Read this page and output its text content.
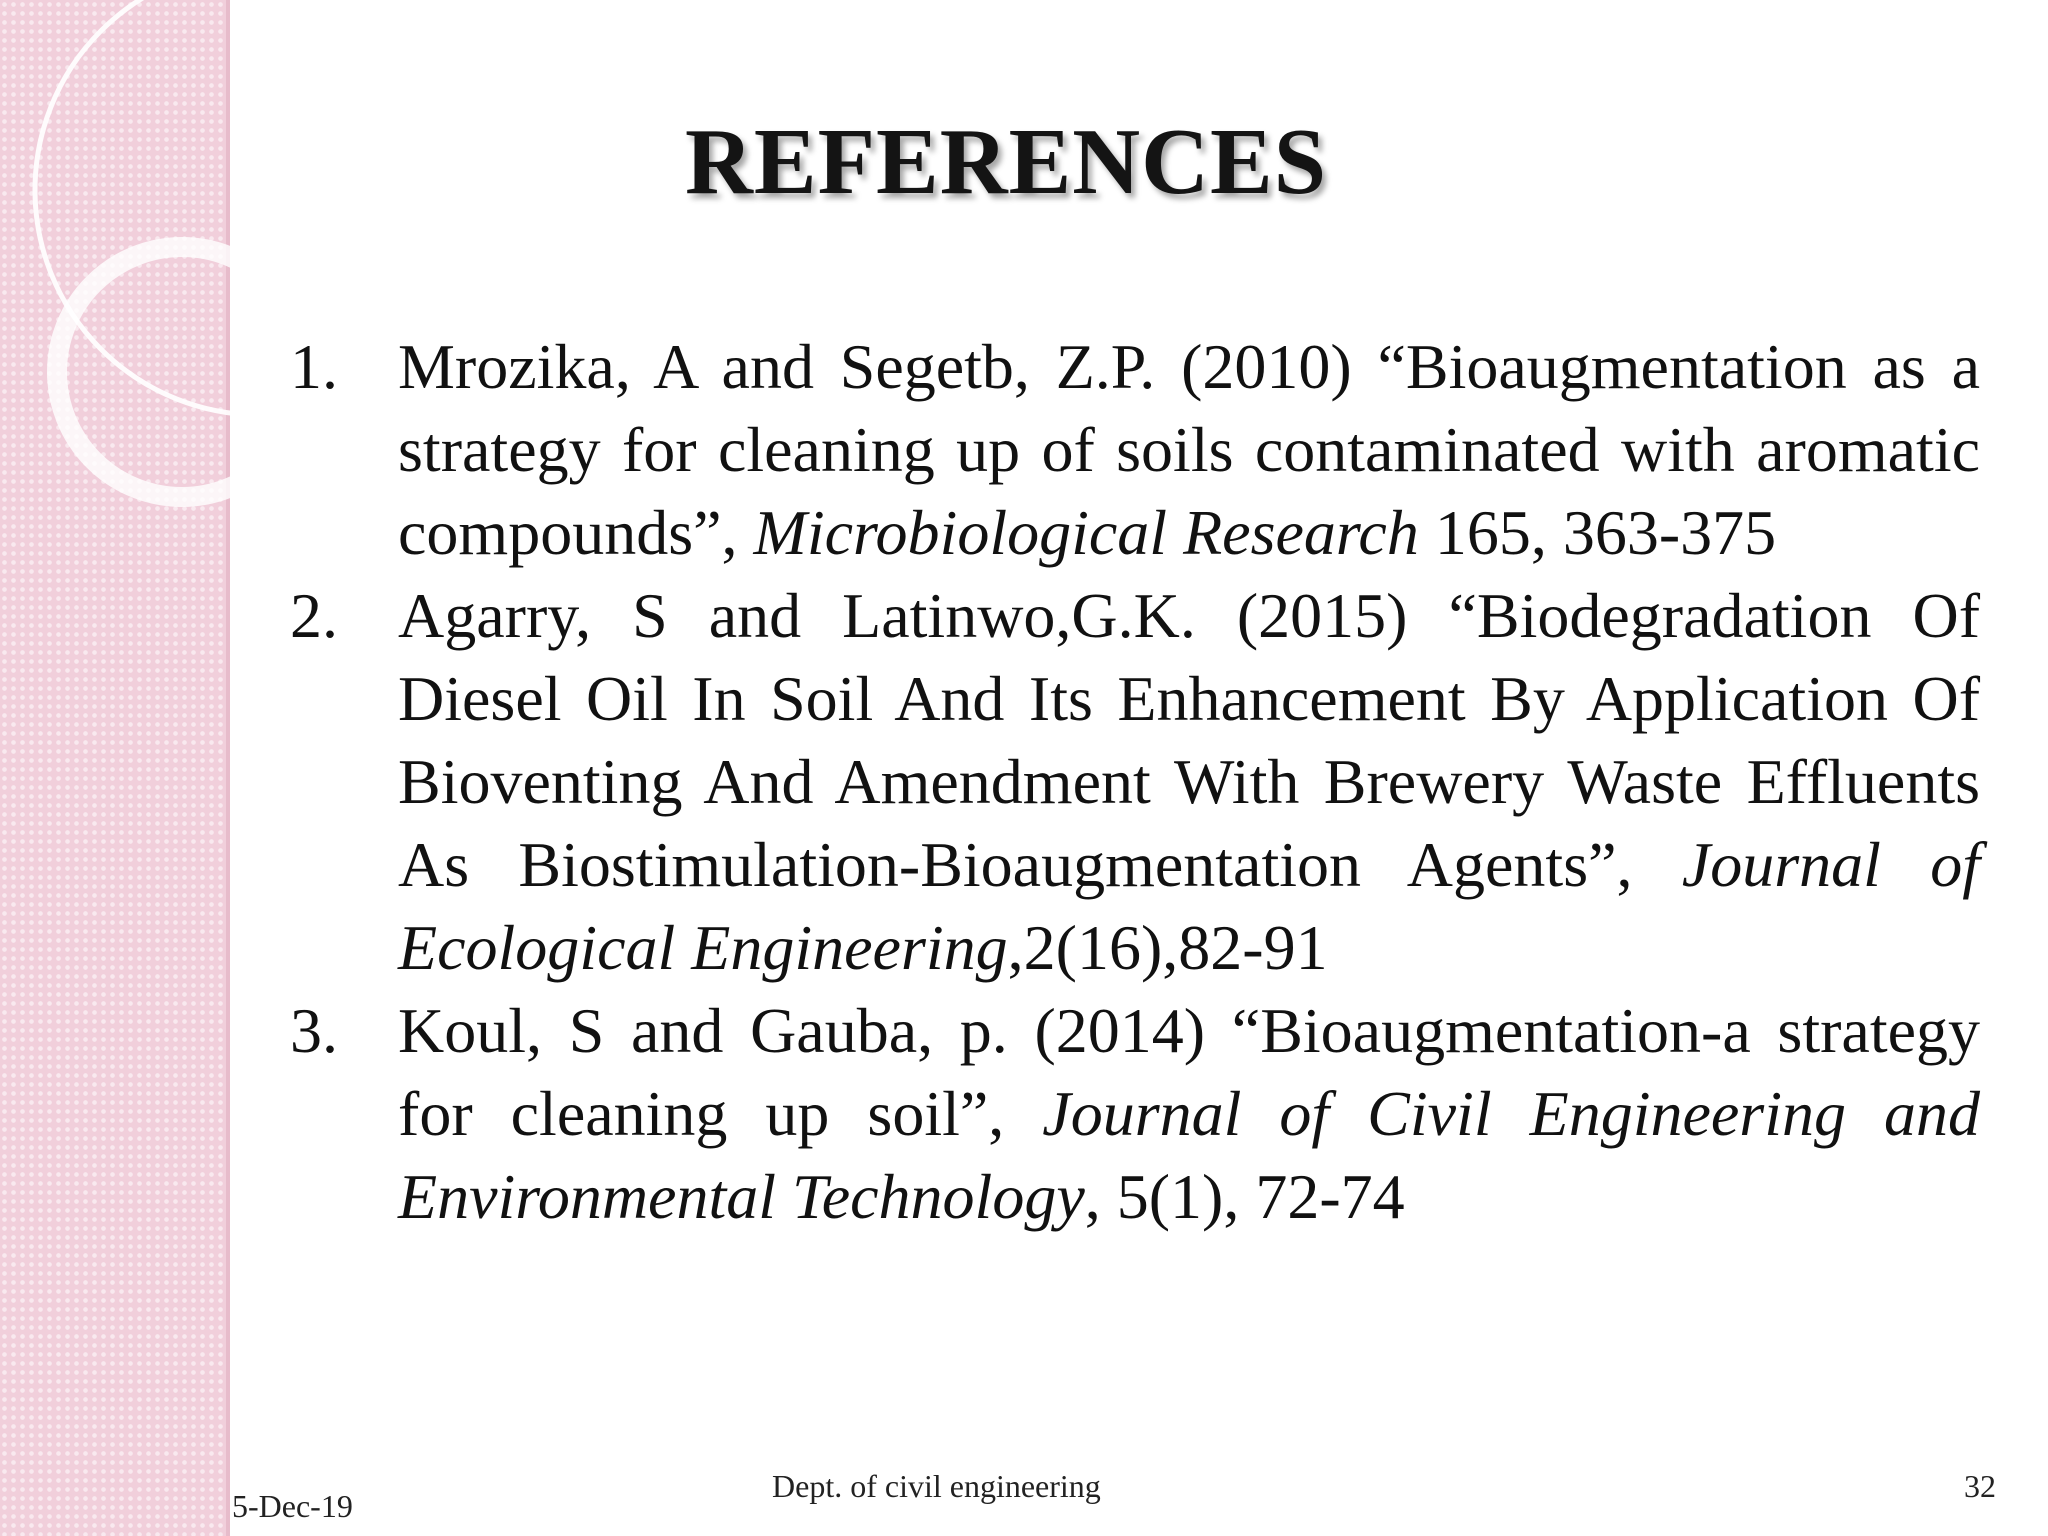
REFERENCES
1. Mrozika, A and Segetb, Z.P. (2010) “Bioaugmentation as a strategy for cleaning up of soils contaminated with aromatic compounds”, Microbiological Research 165, 363-375
2. Agarry, S and Latinwo,G.K. (2015) “Biodegradation Of Diesel Oil In Soil And Its Enhancement By Application Of Bioventing And Amendment With Brewery Waste Effluents As Biostimulation-Bioaugmentation Agents”, Journal of Ecological Engineering,2(16),82-91
3. Koul, S and Gauba, p. (2014) “Bioaugmentation-a strategy for cleaning up soil”, Journal of Civil Engineering and Environmental Technology, 5(1), 72-74
5-Dec-19
Dept. of civil engineering	32
